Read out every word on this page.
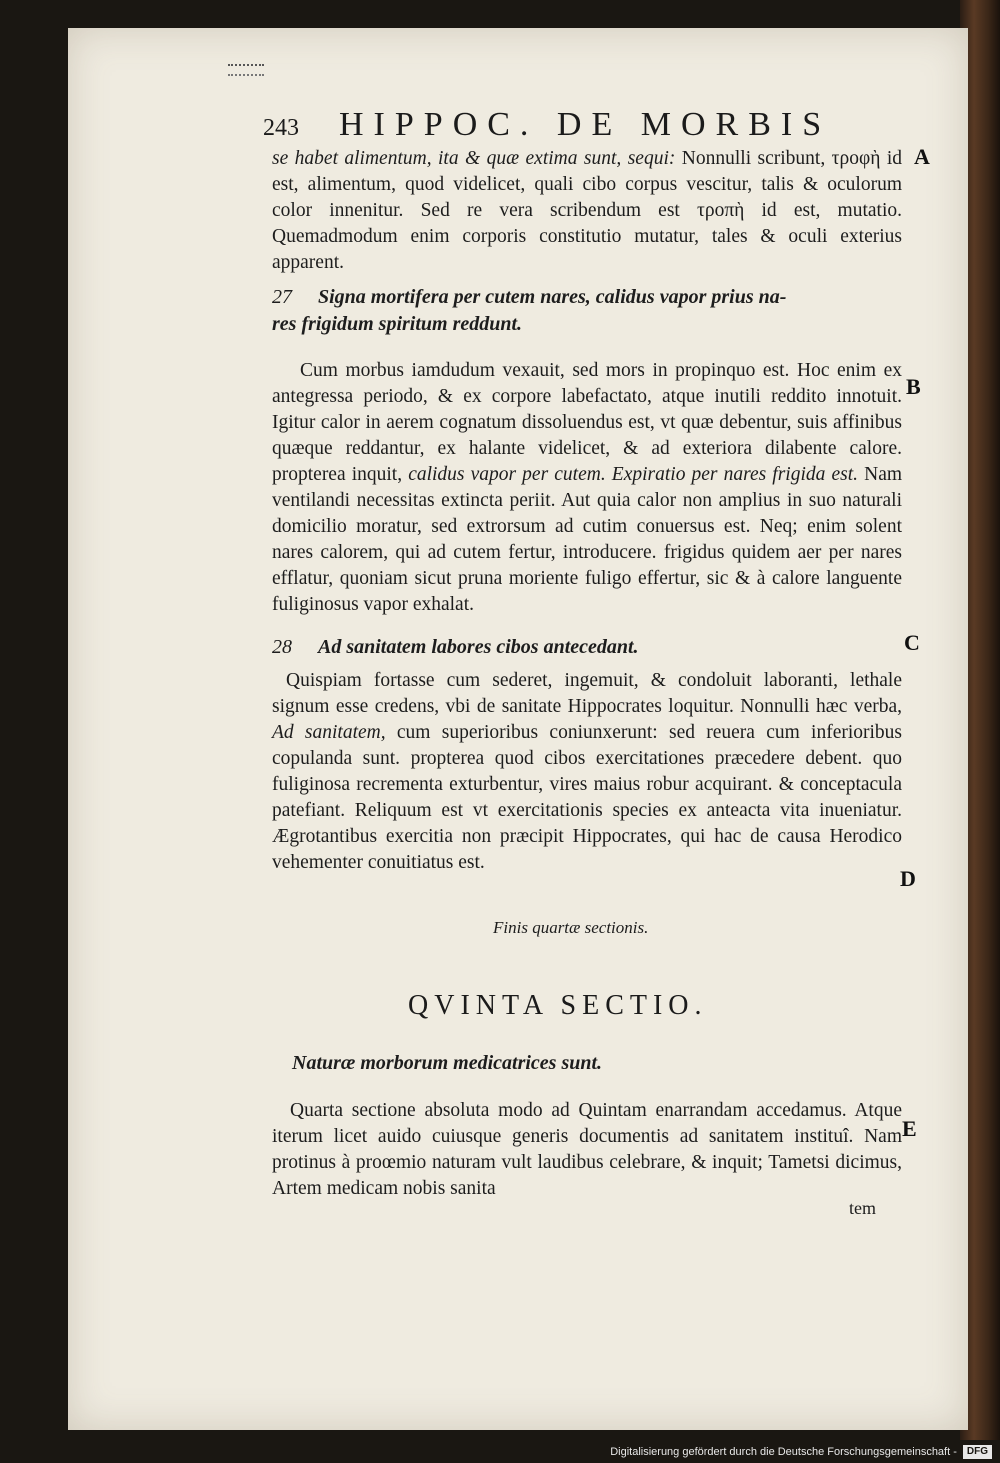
243 HIPPOC. DE MORBIS

se habet alimentum, ita & quæ extima sunt, sequi: Nonnulli scribunt, τροφὴ id est, alimentum, quod videlicet, quali cibo corpus vescitur, talis & oculorum color innenitur. Sed re vera scribendum est τροπὴ id est, mutatio. Quemadmodum enim corporis constitutio mutatur, tales & oculi exterius apparent.

27 Signa mortifera per cutem nares, calidus vapor prius na-
res frigidum spiritum reddunt.

Cum morbus iamdudum vexauit, sed mors in propinquo est. Hoc enim ex antegressa periodo, & ex corpore labefactato, atque inutili reddito innotuit. Igitur calor in aerem cognatum dissoluendus est, vt quæ debentur, suis affinibus quæque reddantur, ex halante videlicet, & ad exteriora dilabente calore. propterea inquit, calidus vapor per cutem. Expiratio per nares frigida est. Nam ventilandi necessitas extincta periit. Aut quia calor non amplius in suo naturali domicilio moratur, sed extrorsum ad cutim conuersus est. Neq; enim solent nares calorem, qui ad cutem fertur, introducere. frigidus quidem aer per nares efflatur, quoniam sicut pruna moriente fuligo effertur, sic & à calore languente fuliginosus vapor exhalat.

28 Ad sanitatem labores cibos antecedant.

Quispiam fortasse cum sederet, ingemuit, & condoluit laboranti, lethale signum esse credens, vbi de sanitate Hippocrates loquitur. Nonnulli hæc verba, Ad sanitatem, cum superioribus coniunxerunt: sed reuera cum inferioribus copulanda sunt. propterea quod cibos exercitationes præcedere debent. quo fuliginosa recrementa exturbentur, vires maius robur acquirant. & conceptacula patefiant. Reliquum est vt exercitationis species ex anteacta vita inueniatur. Ægrotantibus exercitia non præcipit Hippocrates, qui hac de causa Herodico vehementer conuitiatus est.

Finis quartæ sectionis.
QVINTA SECTIO.
Naturæ morborum medicatrices sunt.

Quarta sectione absoluta modo ad Quintam enarrandam accedamus. Atque iterum licet auido cuiusque generis documentis ad sanitatem instituî. Nam protinus à proœmio naturam vult laudibus celebrare, & inquit; Tametsi dicimus, Artem medicam nobis sanita

tem
A
B
C
D
E
Digitalisierung gefördert durch die Deutsche Forschungsgemeinschaft -	DFG
